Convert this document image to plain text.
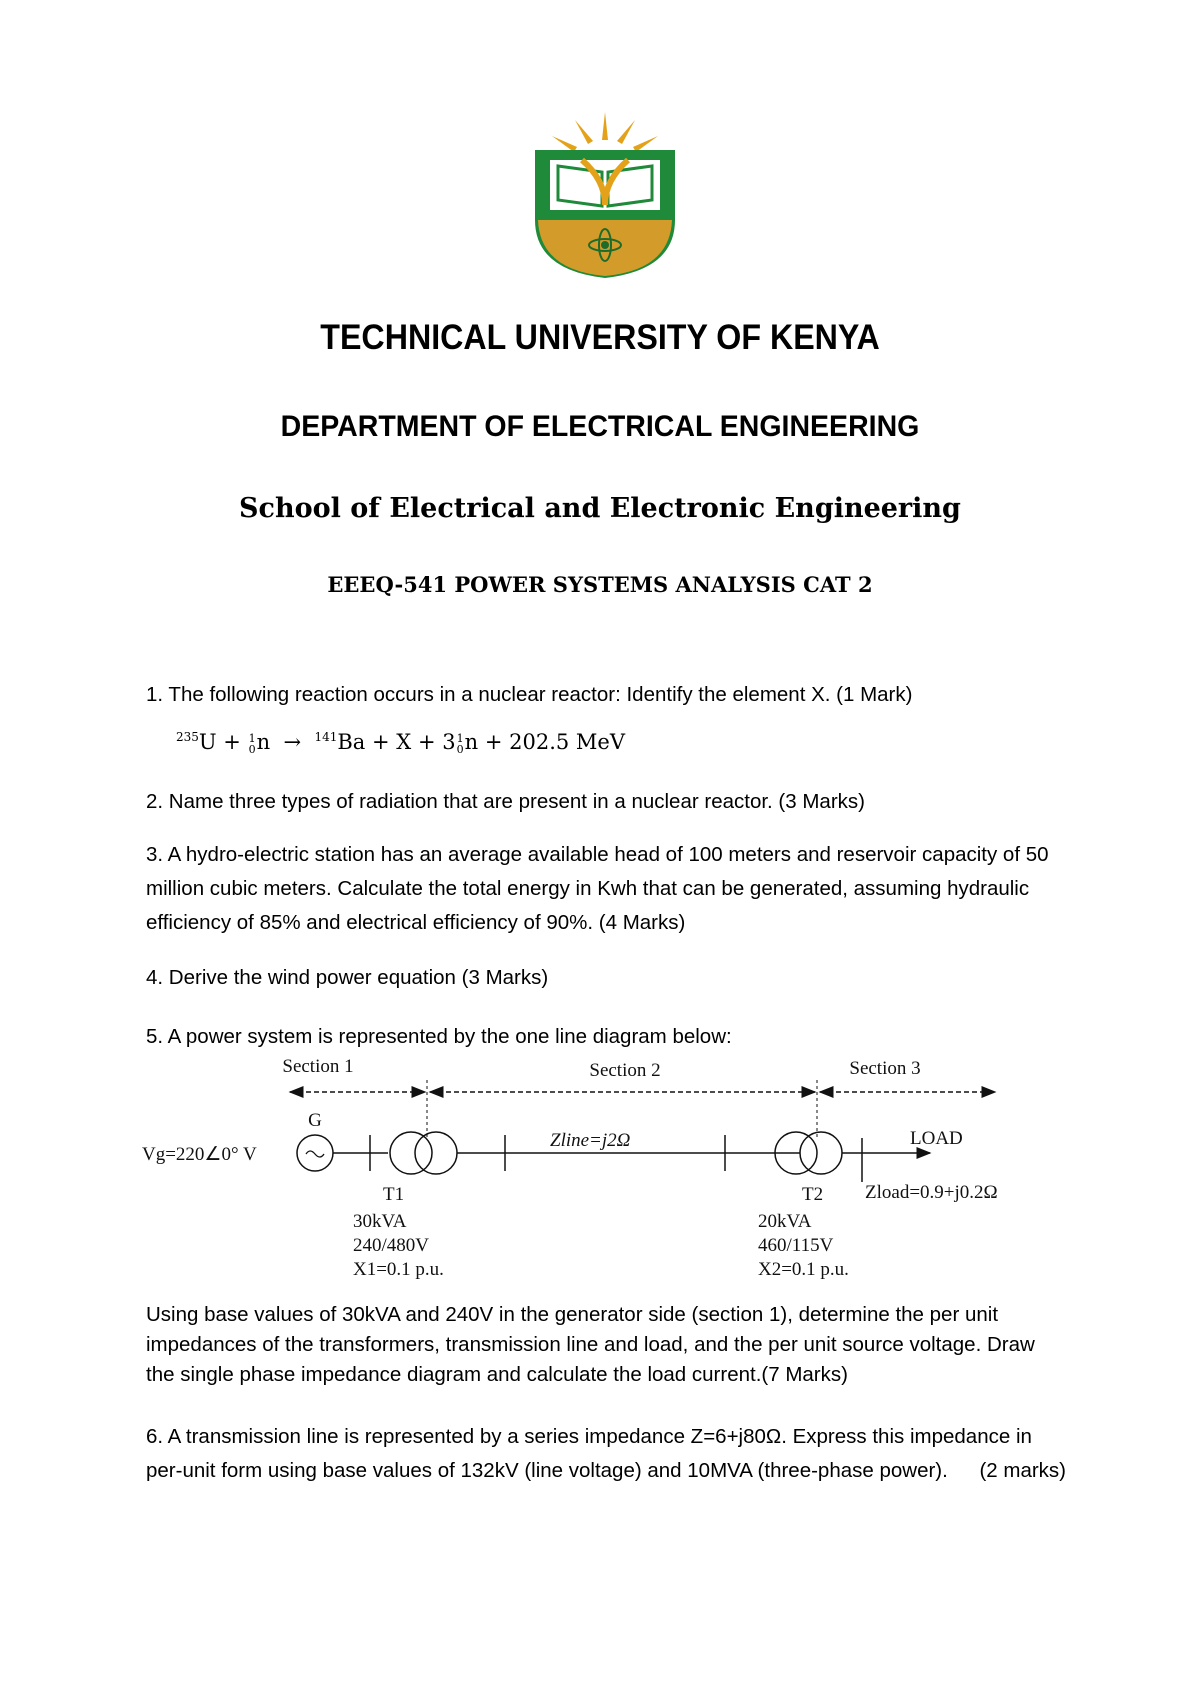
TECHNICAL UNIVERSITY OF KENYA
DEPARTMENT OF ELECTRICAL ENGINEERING
School of Electrical and Electronic Engineering
EEEQ-541 POWER SYSTEMS ANALYSIS CAT 2

1. The following reaction occurs in a nuclear reactor: Identify the element X. (1 Mark)

$^{235}$U + 1
0 n → $^{141}$Ba + X + 3 1
0 n + 202.5 MeV

2. Name three types of radiation that are present in a nuclear reactor. (3 Marks)

3. A hydro-electric station has an average available head of 100 meters and reservoir capacity of 50 million cubic meters. Calculate the total energy in Kwh that can be generated, assuming hydraulic efficiency of 85% and electrical efficiency of 90%. (4 Marks)

4. Derive the wind power equation (3 Marks)

5. A power system is represented by the one line diagram below:

Section 1	Section 2	Section 3
G
Vg=220∠0° V
Zline=j2Ω	LOAD
Zload=0.9+j0.2Ω
T1
30kVA
240/480V
X1=0.1 p.u.
T2
20kVA
460/115V
X2=0.1 p.u.

Using base values of 30kVA and 240V in the generator side (section 1), determine the per unit impedances of the transformers, transmission line and load, and the per unit source voltage. Draw the single phase impedance diagram and calculate the load current.(7 Marks)

6. A transmission line is represented by a series impedance Z=6+j80Ω. Express this impedance in per-unit form using base values of 132kV (line voltage) and 10MVA (three-phase power). (2 marks)
